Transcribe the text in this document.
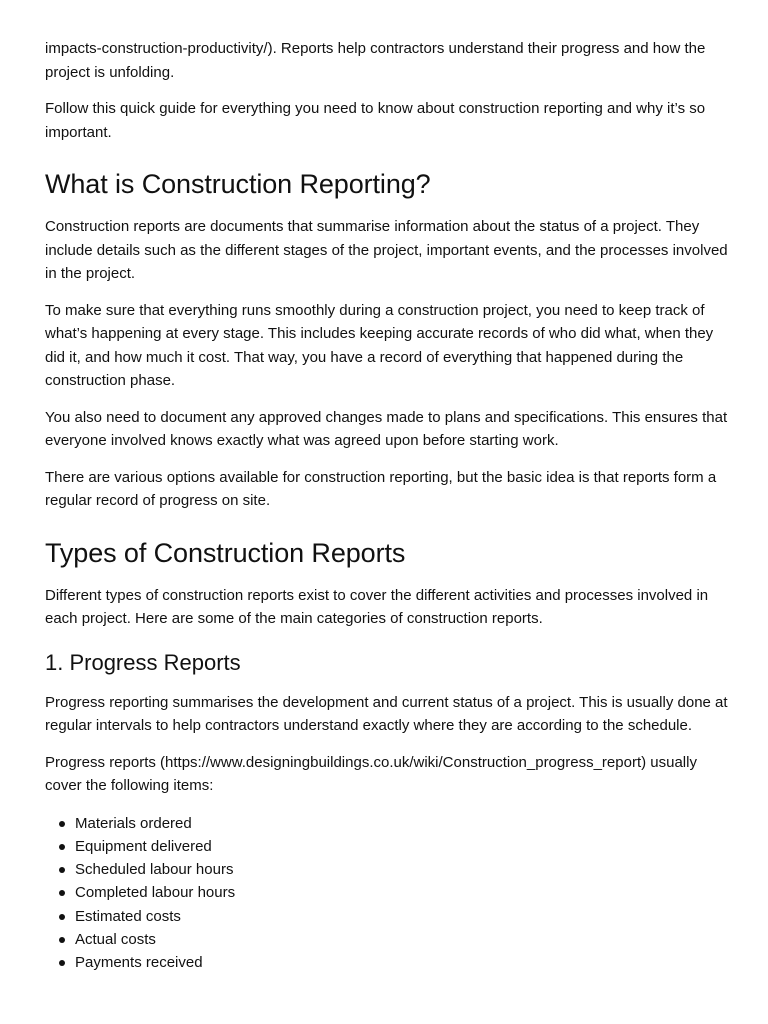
impacts-construction-productivity/). Reports help contractors understand their progress and how the project is unfolding.

Follow this quick guide for everything you need to know about construction reporting and why it’s so important.

What is Construction Reporting?

Construction reports are documents that summarise information about the status of a project. They include details such as the different stages of the project, important events, and the processes involved in the project.

To make sure that everything runs smoothly during a construction project, you need to keep track of what’s happening at every stage. This includes keeping accurate records of who did what, when they did it, and how much it cost. That way, you have a record of everything that happened during the construction phase.

You also need to document any approved changes made to plans and specifications. This ensures that everyone involved knows exactly what was agreed upon before starting work.

There are various options available for construction reporting, but the basic idea is that reports form a regular record of progress on site.

Types of Construction Reports

Different types of construction reports exist to cover the different activities and processes involved in each project. Here are some of the main categories of construction reports.

1. Progress Reports

Progress reporting summarises the development and current status of a project. This is usually done at regular intervals to help contractors understand exactly where they are according to the schedule.

Progress reports (https://www.designingbuildings.co.uk/wiki/Construction_progress_report) usually cover the following items:

Materials ordered
Equipment delivered
Scheduled labour hours
Completed labour hours
Estimated costs
Actual costs
Payments received
